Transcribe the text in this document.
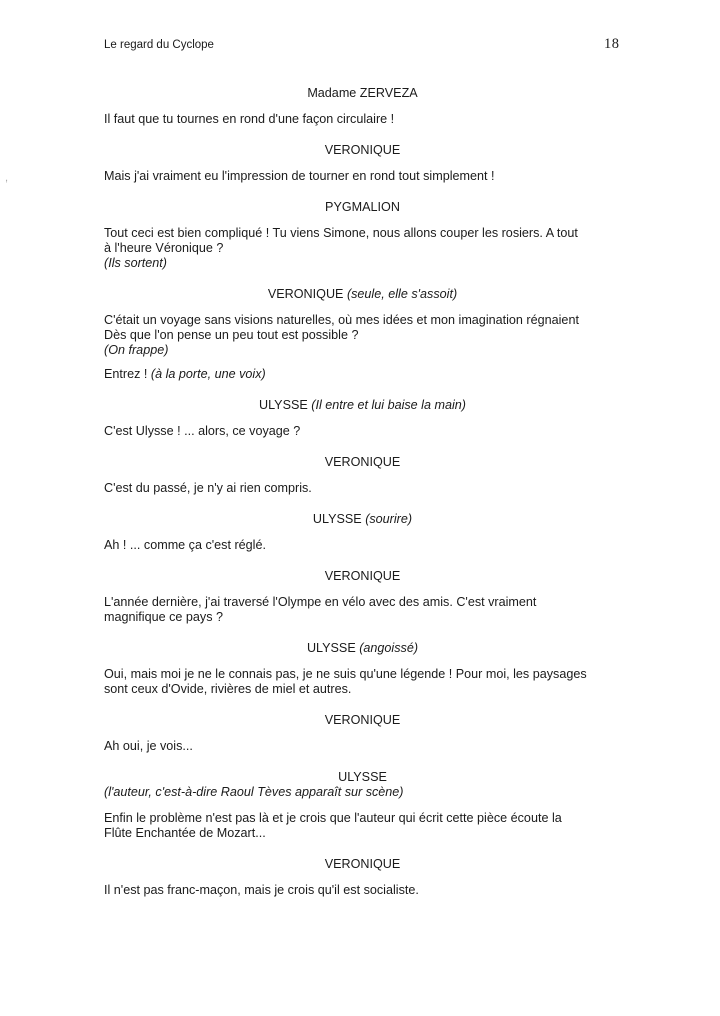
Le regard du Cyclope	18
,
Madame ZERVEZA
Il faut que tu tournes en rond d'une façon circulaire !
VERONIQUE
Mais j'ai vraiment eu l'impression de tourner en rond tout simplement !
PYGMALION
Tout ceci est bien compliqué ! Tu viens Simone, nous allons couper les rosiers. A tout
à l'heure Véronique ?
(Ils sortent)
VERONIQUE (seule, elle s'assoit)
C'était un voyage sans visions naturelles, où mes idées et mon imagination régnaient
Dès que l'on pense un peu tout est possible ?
(On frappe)
Entrez ! (à la porte, une voix)
ULYSSE (Il entre et lui baise la main)
C'est Ulysse ! ... alors, ce voyage ?
VERONIQUE
C'est du passé, je n'y ai rien compris.
ULYSSE (sourire)
Ah ! ... comme ça c'est réglé.
VERONIQUE
L'année dernière, j'ai traversé l'Olympe en vélo avec des amis. C'est vraiment
magnifique ce pays ?
ULYSSE (angoissé)
Oui, mais moi je ne le connais pas, je ne suis qu'une légende ! Pour moi, les paysages
sont ceux d'Ovide, rivières de miel et autres.
VERONIQUE
Ah oui, je vois...
ULYSSE
(l'auteur, c'est-à-dire Raoul Tèves apparaît sur scène)
Enfin le problème n'est pas là et je crois que l'auteur qui écrit cette pièce écoute la
Flûte Enchantée de Mozart...
VERONIQUE
Il n'est pas franc-maçon, mais je crois qu'il est socialiste.
